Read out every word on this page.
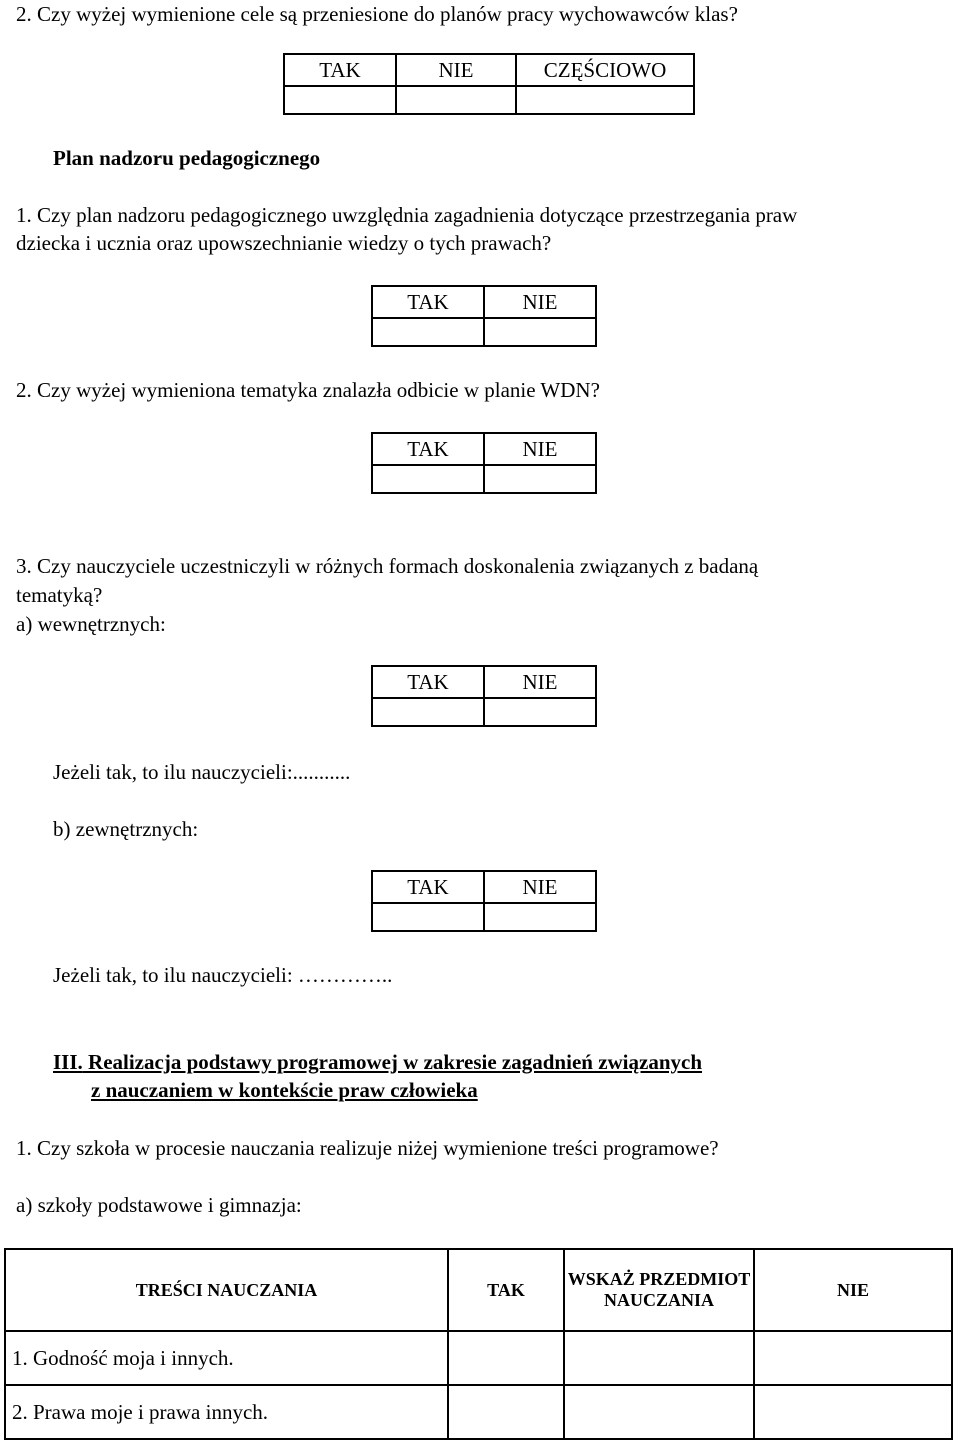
2. Czy wyżej wymienione cele są przeniesione do planów pracy wychowawców klas?

TAK	NIE	CZĘŚCIOWO

Plan nadzoru pedagogicznego

1. Czy plan nadzoru pedagogicznego uwzględnia zagadnienia dotyczące przestrzegania praw

dziecka i ucznia oraz upowszechnianie wiedzy o tych prawach?

TAK	NIE

2. Czy wyżej wymieniona tematyka znalazła odbicie w planie WDN?

TAK	NIE

3. Czy nauczyciele uczestniczyli w różnych formach doskonalenia związanych z badaną

tematyką?

a) wewnętrznych:

TAK	NIE

Jeżeli tak, to ilu nauczycieli:...........

b) zewnętrznych:

TAK	NIE

Jeżeli tak, to ilu nauczycieli: …………..

III. Realizacja podstawy programowej w zakresie zagadnień związanych

z nauczaniem w kontekście praw człowieka

1. Czy szkoła w procesie nauczania realizuje niżej wymienione treści programowe?

a) szkoły podstawowe i gimnazja:

TREŚCI NAUCZANIA	TAK	WSKAŻ PRZEDMIOT NAUCZANIA	NIE
1. Godność moja i innych.			
2. Prawa moje i prawa innych.			
